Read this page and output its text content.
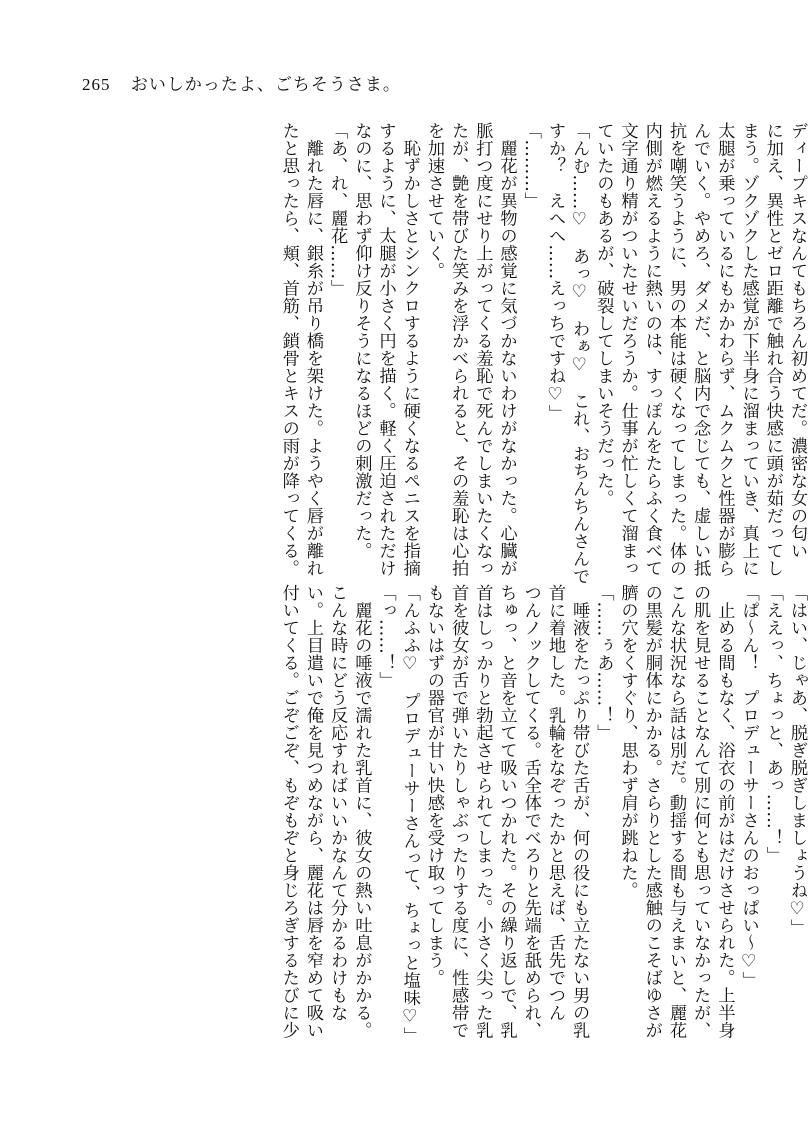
265 おいしかったよ、ごちそうさま。
ディープキスなんてもちろん初めてだ。濃密な女の匂い
に加え、異性とゼロ距離で触れ合う快感に頭が茹だってし
まう。ゾクゾクした感覚が下半身に溜まっていき、真上に
太腿が乗っているにもかかわらず、ムクムクと性器が膨ら
んでいく。やめろ、ダメだ、と脳内で念じても、虚しい抵
抗を嘲笑うように、男の本能は硬くなってしまった。体の
内側が燃えるように熱いのは、すっぽんをたらふく食べて
文字通り精がついたせいだろうか。仕事が忙しくて溜まっ
ていたのもあるが、破裂してしまいそうだった。
「んむ……♡　あっ♡　わぁ♡　これ、おちんちんさんで
すか？　えへへ……えっちですね♡」
「………」
　麗花が異物の感覚に気づかないわけがなかった。心臓が
脈打つ度にせり上がってくる羞恥で死んでしまいたくなっ
たが、艶を帯びた笑みを浮かべられると、その羞恥は心拍
を加速させていく。
　恥ずかしさとシンクロするように硬くなるペニスを指摘
するように、太腿が小さく円を描く。軽く圧迫されただけ
なのに、思わず仰け反りそうになるほどの刺激だった。
「あ、れ、麗花……」
　離れた唇に、銀糸が吊り橋を架けた。ようやく唇が離れ
たと思ったら、頬、首筋、鎖骨とキスの雨が降ってくる。
「はい、じゃあ、脱ぎ脱ぎしましょうね♡」
「ええっ、ちょっと、あっ……！」
「ぱ〜ん！　プロデューサーさんのおっぱい〜♡」
　止める間もなく、浴衣の前がはだけさせられた。上半身
の肌を見せることなんて別に何とも思っていなかったが、
こんな状況なら話は別だ。動揺する間も与えまいと、麗花
の黒髪が胴体にかかる。さらりとした感触のこそばゆさが
臍の穴をくすぐり、思わず肩が跳ねた。
「……ぅあ……！」
　唾液をたっぷり帯びた舌が、何の役にも立たない男の乳
首に着地した。乳輪をなぞったかと思えば、舌先でつん
つんノックしてくる。舌全体でべろりと先端を舐められ、
ちゅっ、と音を立てて吸いつかれた。その繰り返しで、乳
首はしっかりと勃起させられてしまった。小さく尖った乳
首を彼女が舌で弾いたりしゃぶったりする度に、性感帯で
もないはずの器官が甘い快感を受け取ってしまう。
「んふふ♡　プロデューサーさんって、ちょっと塩味♡」
「っ……！」
　麗花の唾液で濡れた乳首に、彼女の熱い吐息がかかる。
こんな時にどう反応すればいいかなんて分かるわけもな
い。上目遣いで俺を見つめながら、麗花は唇を窄めて吸い
付いてくる。ごぞごぞ、もぞもぞと身じろぎするたびに少
